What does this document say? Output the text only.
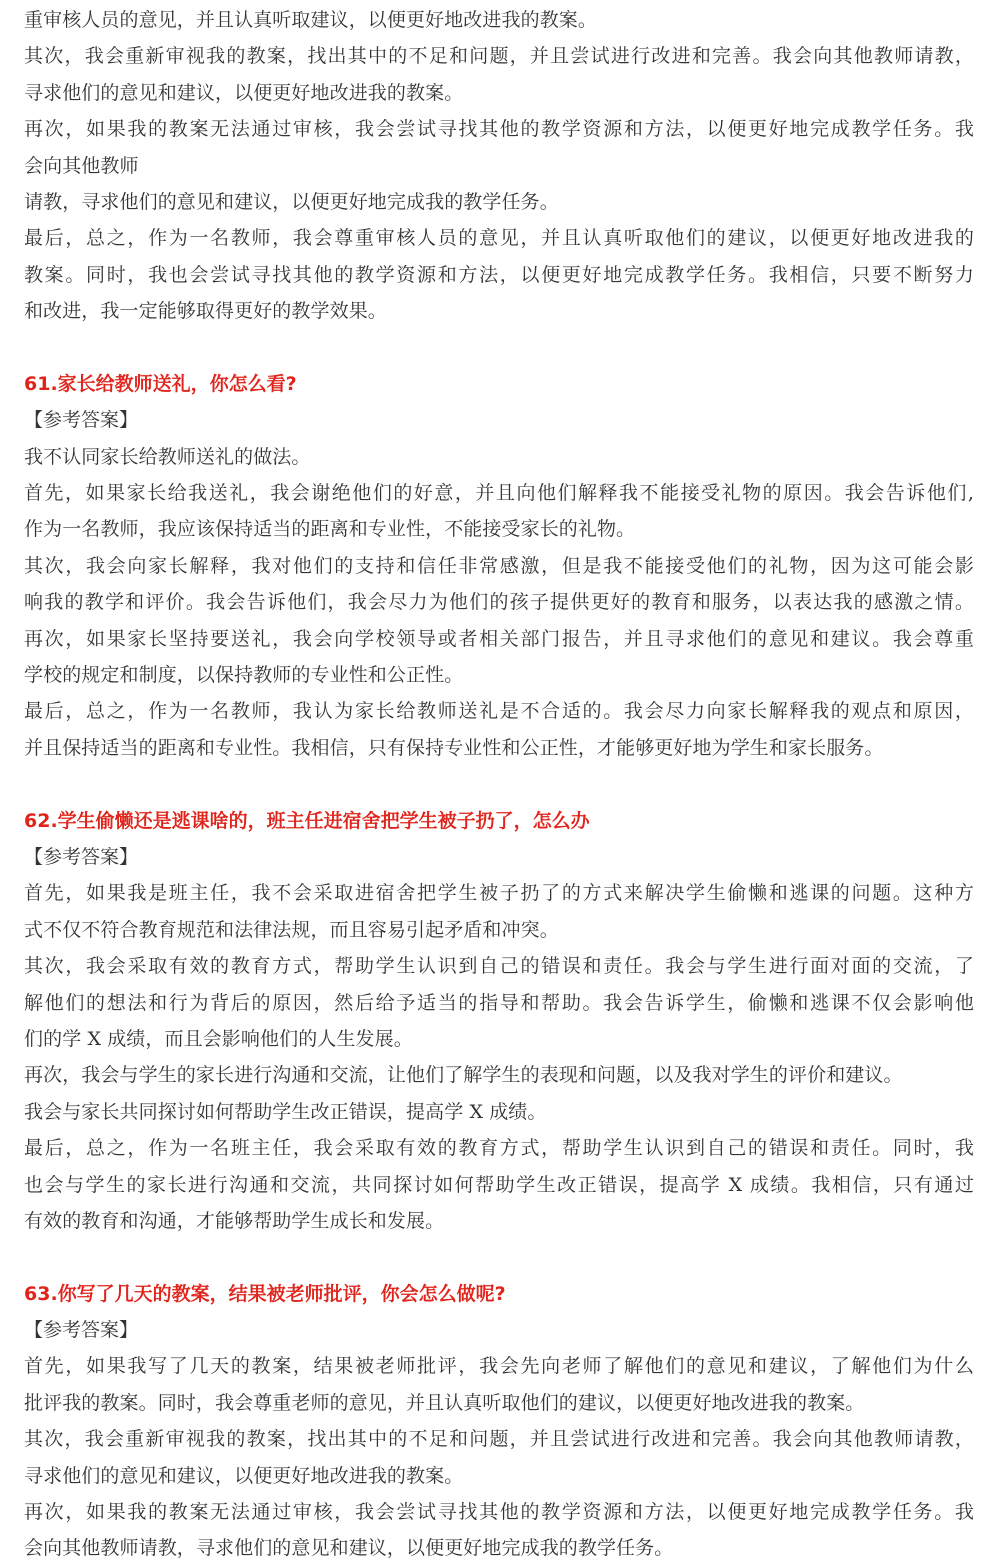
重审核人员的意见，并且认真听取建议，以便更好地改进我的教案。
其次，我会重新审视我的教案，找出其中的不足和问题，并且尝试进行改进和完善。我会向其他教师请教，
寻求他们的意见和建议，以便更好地改进我的教案。
再次，如果我的教案无法通过审核，我会尝试寻找其他的教学资源和方法，以便更好地完成教学任务。我
会向其他教师
请教，寻求他们的意见和建议，以便更好地完成我的教学任务。
最后，总之，作为一名教师，我会尊重审核人员的意见，并且认真听取他们的建议，以便更好地改进我的
教案。同时，我也会尝试寻找其他的教学资源和方法，以便更好地完成教学任务。我相信，只要不断努力
和改进，我一定能够取得更好的教学效果。
61.家长给教师送礼，你怎么看?
【参考答案】
我不认同家长给教师送礼的做法。
首先，如果家长给我送礼，我会谢绝他们的好意，并且向他们解释我不能接受礼物的原因。我会告诉他们,
作为一名教师，我应该保持适当的距离和专业性，不能接受家长的礼物。
其次，我会向家长解释，我对他们的支持和信任非常感激，但是我不能接受他们的礼物，因为这可能会影
响我的教学和评价。我会告诉他们，我会尽力为他们的孩子提供更好的教育和服务，以表达我的感激之情。
再次，如果家长坚持要送礼，我会向学校领导或者相关部门报告，并且寻求他们的意见和建议。我会尊重
学校的规定和制度，以保持教师的专业性和公正性。
最后，总之，作为一名教师，我认为家长给教师送礼是不合适的。我会尽力向家长解释我的观点和原因，
并且保持适当的距离和专业性。我相信，只有保持专业性和公正性，才能够更好地为学生和家长服务。
62.学生偷懒还是逃课啥的，班主任进宿舍把学生被子扔了，怎么办
【参考答案】
首先，如果我是班主任，我不会采取进宿舍把学生被子扔了的方式来解决学生偷懒和逃课的问题。这种方
式不仅不符合教育规范和法律法规，而且容易引起矛盾和冲突。
其次，我会采取有效的教育方式，帮助学生认识到自己的错误和责任。我会与学生进行面对面的交流，了
解他们的想法和行为背后的原因，然后给予适当的指导和帮助。我会告诉学生，偷懒和逃课不仅会影响他
们的学 X 成绩，而且会影响他们的人生发展。
再次，我会与学生的家长进行沟通和交流，让他们了解学生的表现和问题，以及我对学生的评价和建议。
我会与家长共同探讨如何帮助学生改正错误，提高学 X 成绩。
最后，总之，作为一名班主任，我会采取有效的教育方式，帮助学生认识到自己的错误和责任。同时，我
也会与学生的家长进行沟通和交流，共同探讨如何帮助学生改正错误，提高学 X 成绩。我相信，只有通过
有效的教育和沟通，才能够帮助学生成长和发展。
63.你写了几天的教案，结果被老师批评，你会怎么做呢?
【参考答案】
首先，如果我写了几天的教案，结果被老师批评，我会先向老师了解他们的意见和建议，了解他们为什么
批评我的教案。同时，我会尊重老师的意见，并且认真听取他们的建议，以便更好地改进我的教案。
其次，我会重新审视我的教案，找出其中的不足和问题，并且尝试进行改进和完善。我会向其他教师请教，
寻求他们的意见和建议，以便更好地改进我的教案。
再次，如果我的教案无法通过审核，我会尝试寻找其他的教学资源和方法，以便更好地完成教学任务。我
会向其他教师请教，寻求他们的意见和建议，以便更好地完成我的教学任务。
